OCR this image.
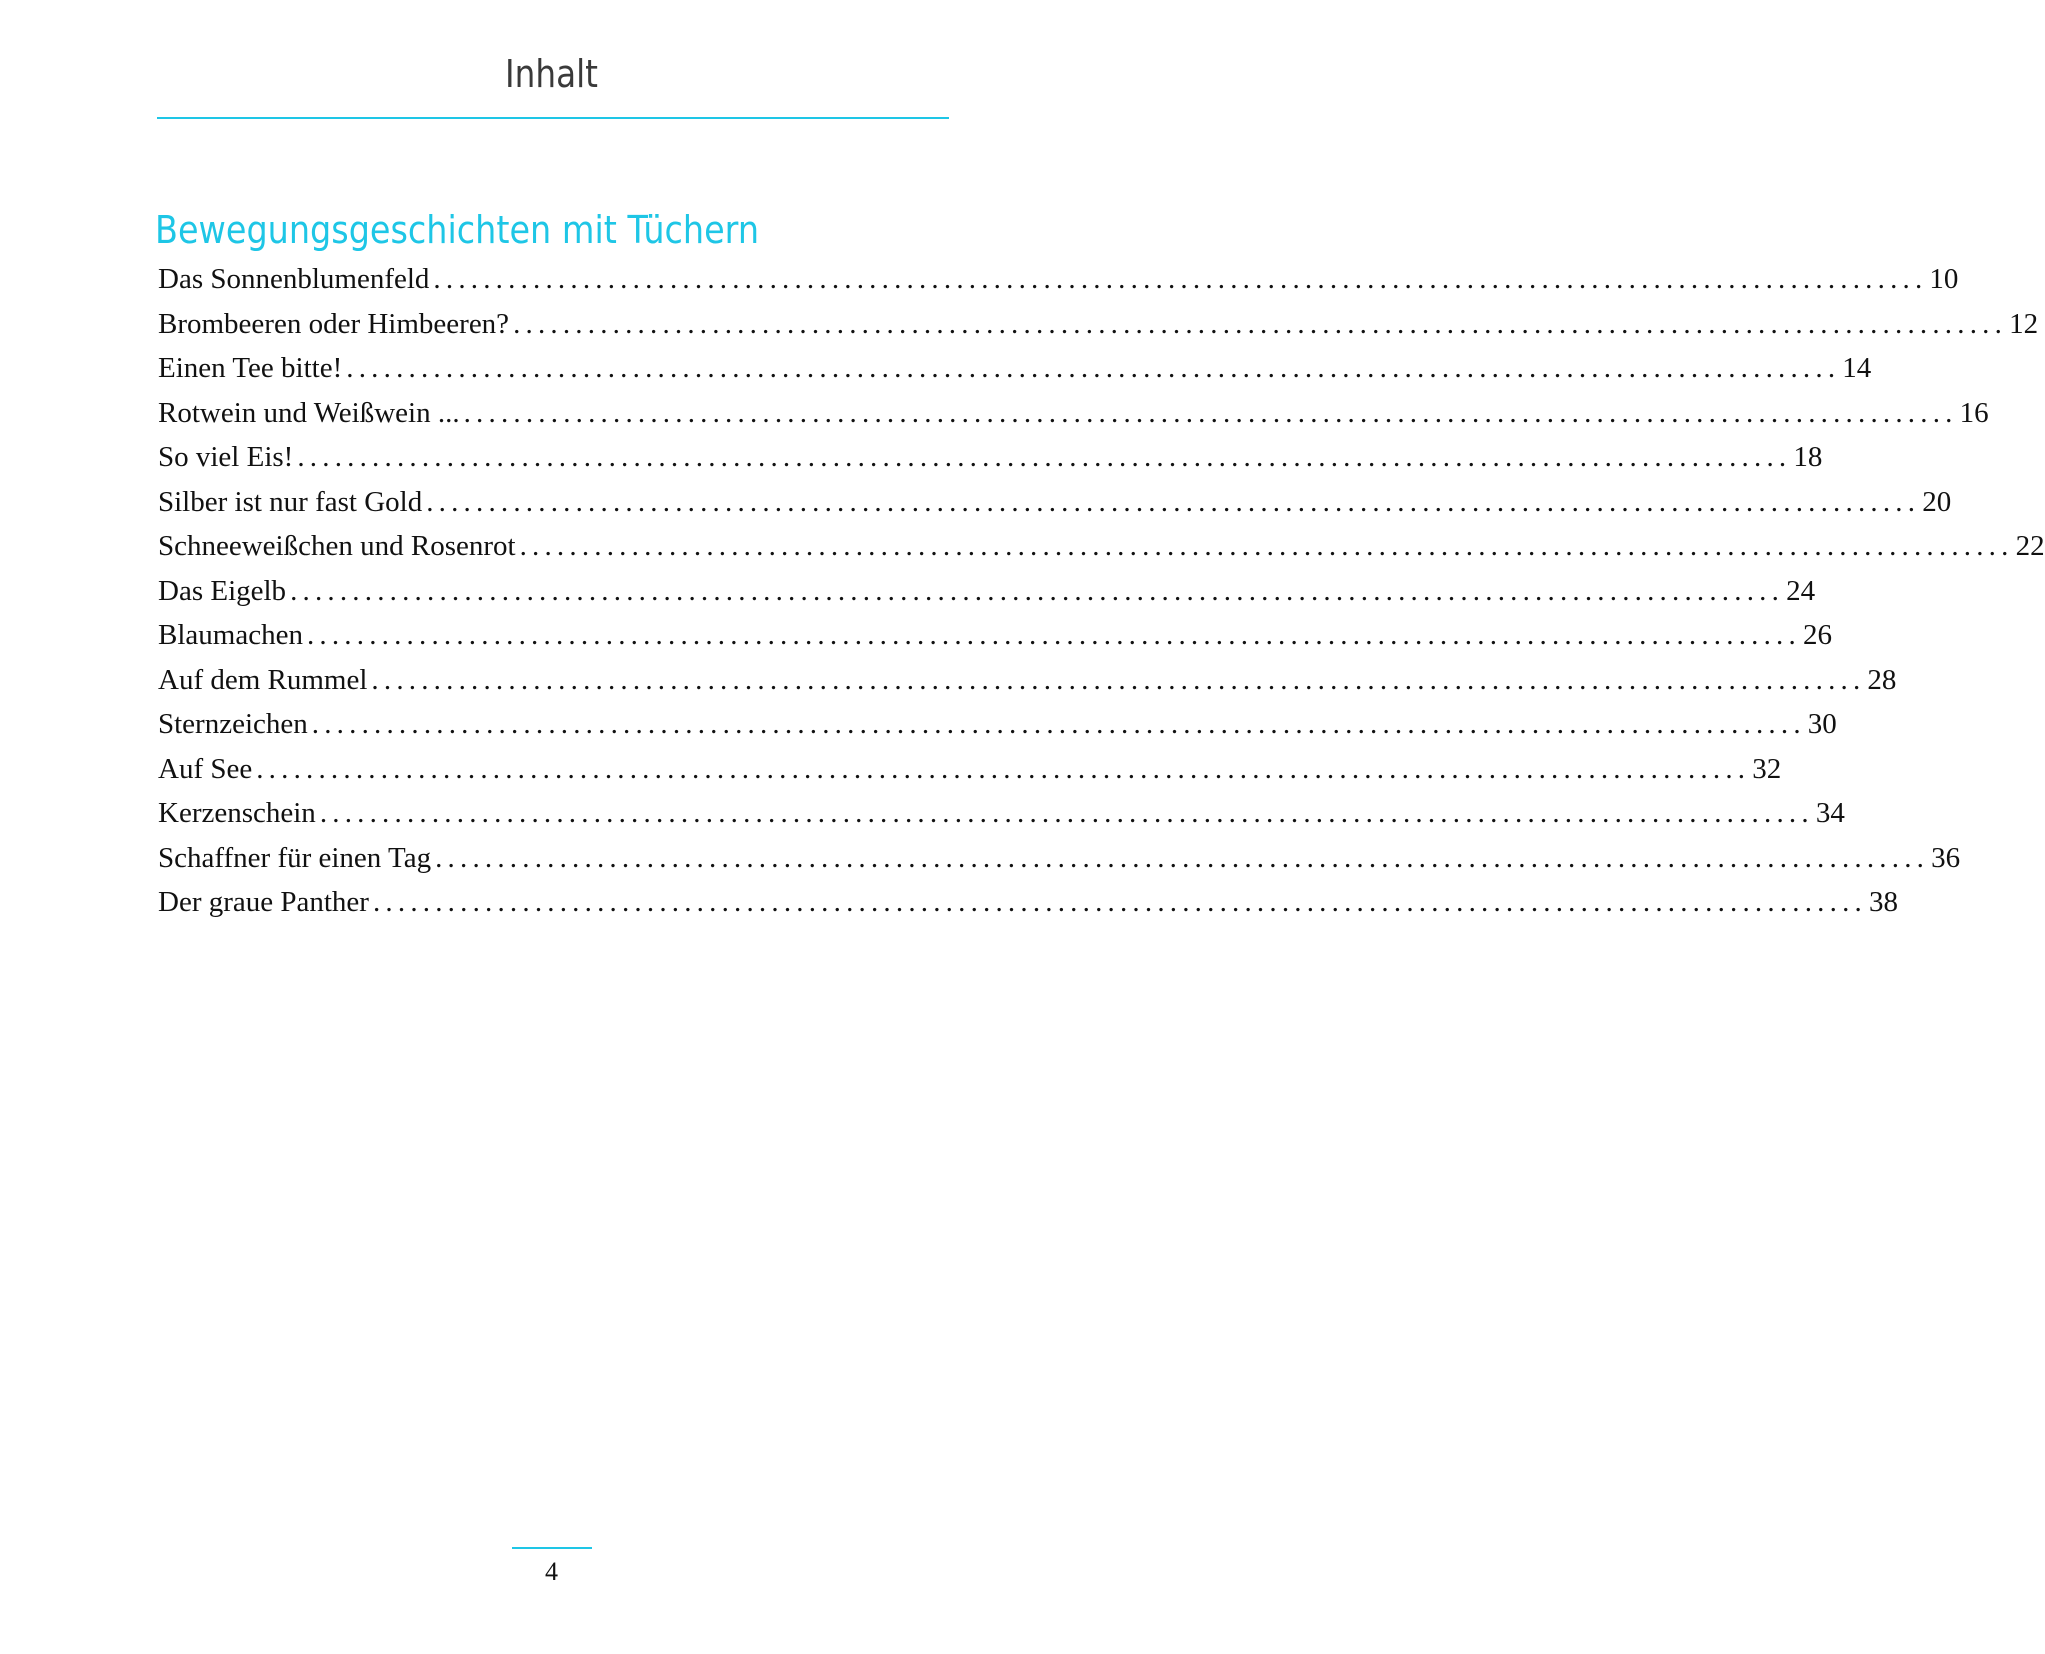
Inhalt
Bewegungsgeschichten mit Tüchern
Das Sonnenblumenfeld ........................................................................................................................ 10
Brombeeren oder Himbeeren? ........................................................................................................................ 12
Einen Tee bitte! ........................................................................................................................ 14
Rotwein und Weißwein ... ........................................................................................................................ 16
So viel Eis! ........................................................................................................................ 18
Silber ist nur fast Gold ........................................................................................................................ 20
Schneeweißchen und Rosenrot ........................................................................................................................ 22
Das Eigelb ........................................................................................................................ 24
Blaumachen ........................................................................................................................ 26
Auf dem Rummel ........................................................................................................................ 28
Sternzeichen ........................................................................................................................ 30
Auf See ........................................................................................................................ 32
Kerzenschein ........................................................................................................................ 34
Schaffner für einen Tag ........................................................................................................................ 36
Der graue Panther ........................................................................................................................ 38
4
